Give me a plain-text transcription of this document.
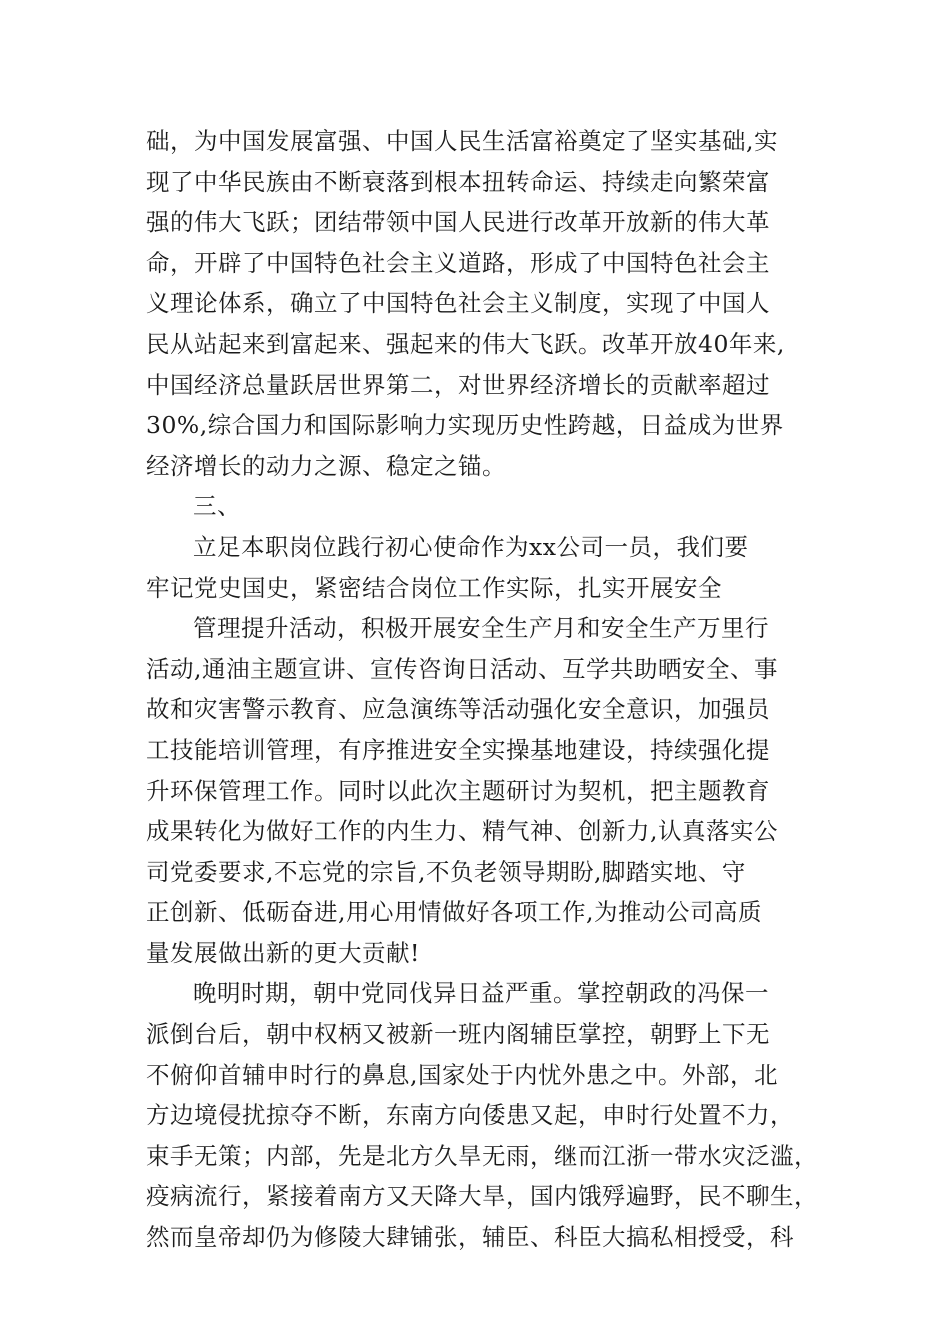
础，为中国发展富强、中国人民生活富裕奠定了坚实基础,实
现了中华民族由不断衰落到根本扭转命运、持续走向繁荣富
强的伟大飞跃；团结带领中国人民进行改革开放新的伟大革
命，开辟了中国特色社会主义道路，形成了中国特色社会主
义理论体系，确立了中国特色社会主义制度，实现了中国人
民从站起来到富起来、强起来的伟大飞跃。改革开放40年来,
中国经济总量跃居世界第二，对世界经济增长的贡献率超过
30%,综合国力和国际影响力实现历史性跨越，日益成为世界
经济增长的动力之源、稳定之锚。

三、

立足本职岗位践行初心使命作为xx公司一员，我们要
牢记党史国史，紧密结合岗位工作实际，扎实开展安全

管理提升活动，积极开展安全生产月和安全生产万里行
活动,通油主题宣讲、宣传咨询日活动、互学共助晒安全、事
故和灾害警示教育、应急演练等活动强化安全意识，加强员
工技能培训管理，有序推进安全实操基地建设，持续强化提
升环保管理工作。同时以此次主题研讨为契机，把主题教育
成果转化为做好工作的内生力、精气神、创新力,认真落实公
司党委要求,不忘党的宗旨,不负老领导期盼,脚踏实地、守
正创新、低砺奋进,用心用情做好各项工作,为推动公司高质
量发展做出新的更大贡献!

晚明时期，朝中党同伐异日益严重。掌控朝政的冯保一
派倒台后，朝中权柄又被新一班内阁辅臣掌控，朝野上下无
不俯仰首辅申时行的鼻息,国家处于内忧外患之中。外部，北
方边境侵扰掠夺不断，东南方向倭患又起，申时行处置不力，
束手无策；内部，先是北方久旱无雨，继而江浙一带水灾泛滥，
疫病流行，紧接着南方又天降大旱，国内饿殍遍野，民不聊生，
然而皇帝却仍为修陵大肆铺张，辅臣、科臣大搞私相授受，科
